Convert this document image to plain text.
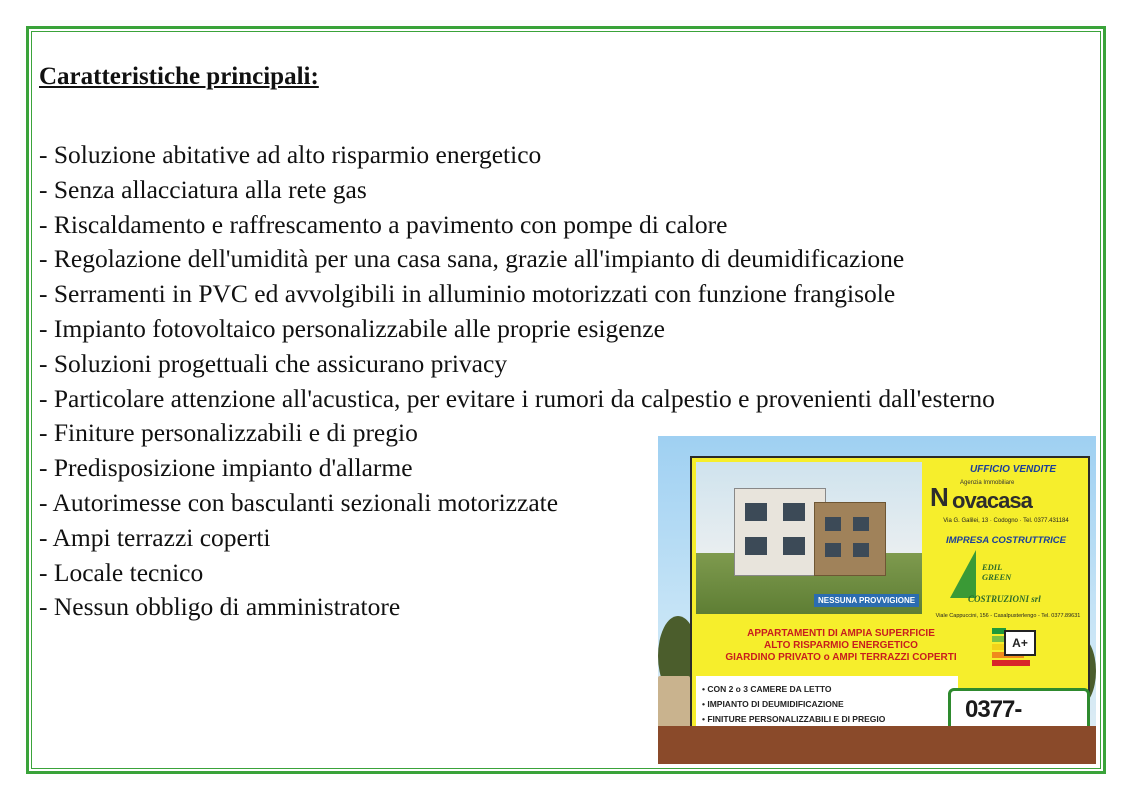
Caratteristiche principali:

- Soluzione abitative ad alto risparmio energetico
- Senza allacciatura alla rete gas
- Riscaldamento e raffrescamento a pavimento con pompe di calore
- Regolazione dell'umidità per una casa sana, grazie all'impianto di deumidificazione
- Serramenti in PVC ed avvolgibili in alluminio motorizzati con funzione frangisole
- Impianto fotovoltaico personalizzabile alle proprie esigenze
- Soluzioni progettuali che assicurano privacy
- Particolare attenzione all'acustica, per evitare i rumori da calpestio e provenienti dall'esterno
- Finiture personalizzabili e di pregio
- Predisposizione impianto d'allarme
- Autorimesse con basculanti sezionali motorizzate
- Ampi terrazzi coperti
- Locale tecnico
- Nessun obbligo di amministratore	NESSUNA PROVVIGIONE
UFFICIO VENDITE
N Agenzia Immobiliare
ovacasa
Via G. Galilei, 13 · Codogno · Tel. 0377.431184
IMPRESA COSTRUTTRICE
EDIL
GREEN
COSTRUZIONI srl
Viale Cappuccini, 156 - Casalpusterlengo - Tel. 0377.89631
APPARTAMENTI DI AMPIA SUPERFICIE
ALTO RISPARMIO ENERGETICO
GIARDINO PRIVATO o AMPI TERRAZZI COPERTI
A+
• CON 2 o 3 CAMERE DA LETTO
• IMPIANTO DI DEUMIDIFICAZIONE
• FINITURE PERSONALIZZABILI E DI PREGIO	0377-
